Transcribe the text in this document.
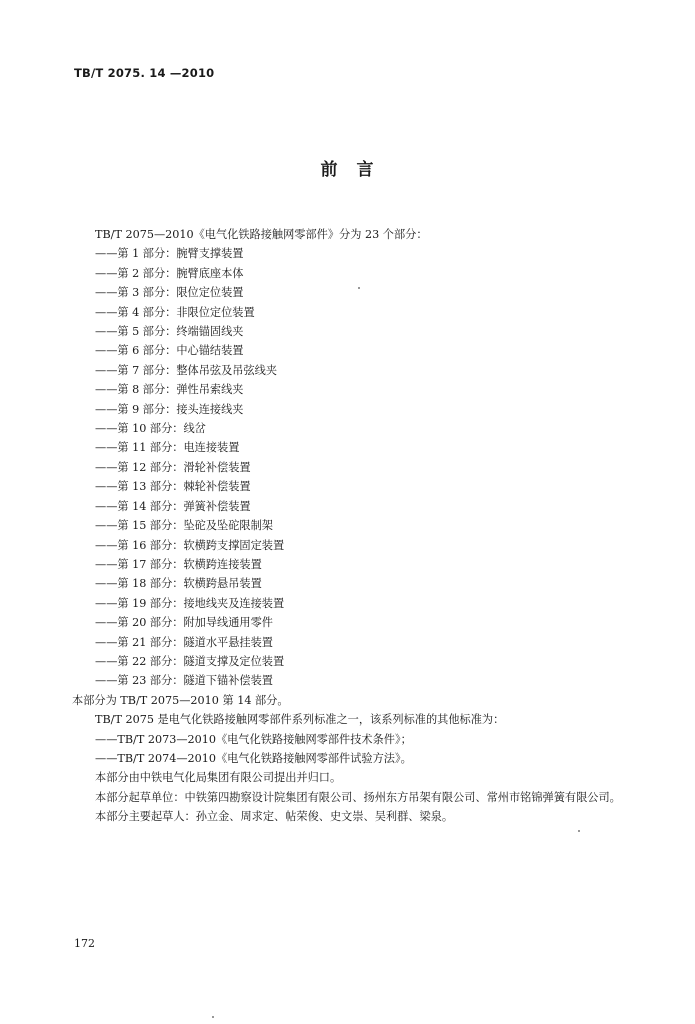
TB/T 2075. 14 —2010
前　言
TB/T 2075—2010《电气化铁路接触网零部件》分为 23 个部分：
——第 1 部分：腕臂支撑装置
——第 2 部分：腕臂底座本体
——第 3 部分：限位定位装置
——第 4 部分：非限位定位装置
——第 5 部分：终端锚固线夹
——第 6 部分：中心锚结装置
——第 7 部分：整体吊弦及吊弦线夹
——第 8 部分：弹性吊索线夹
——第 9 部分：接头连接线夹
——第 10 部分：线岔
——第 11 部分：电连接装置
——第 12 部分：滑轮补偿装置
——第 13 部分：棘轮补偿装置
——第 14 部分：弹簧补偿装置
——第 15 部分：坠砣及坠砣限制架
——第 16 部分：软横跨支撑固定装置
——第 17 部分：软横跨连接装置
——第 18 部分：软横跨悬吊装置
——第 19 部分：接地线夹及连接装置
——第 20 部分：附加导线通用零件
——第 21 部分：隧道水平悬挂装置
——第 22 部分：隧道支撑及定位装置
——第 23 部分：隧道下锚补偿装置
本部分为 TB/T 2075—2010 第 14 部分。
TB/T 2075 是电气化铁路接触网零部件系列标准之一，该系列标准的其他标准为：
——TB/T 2073—2010《电气化铁路接触网零部件技术条件》；
——TB/T 2074—2010《电气化铁路接触网零部件试验方法》。
本部分由中铁电气化局集团有限公司提出并归口。
本部分起草单位：中铁第四勘察设计院集团有限公司、扬州东方吊架有限公司、常州市铭锦弹簧有限公司。
本部分主要起草人：孙立金、周求定、帖荣俊、史文崇、吴利群、梁泉。
172
